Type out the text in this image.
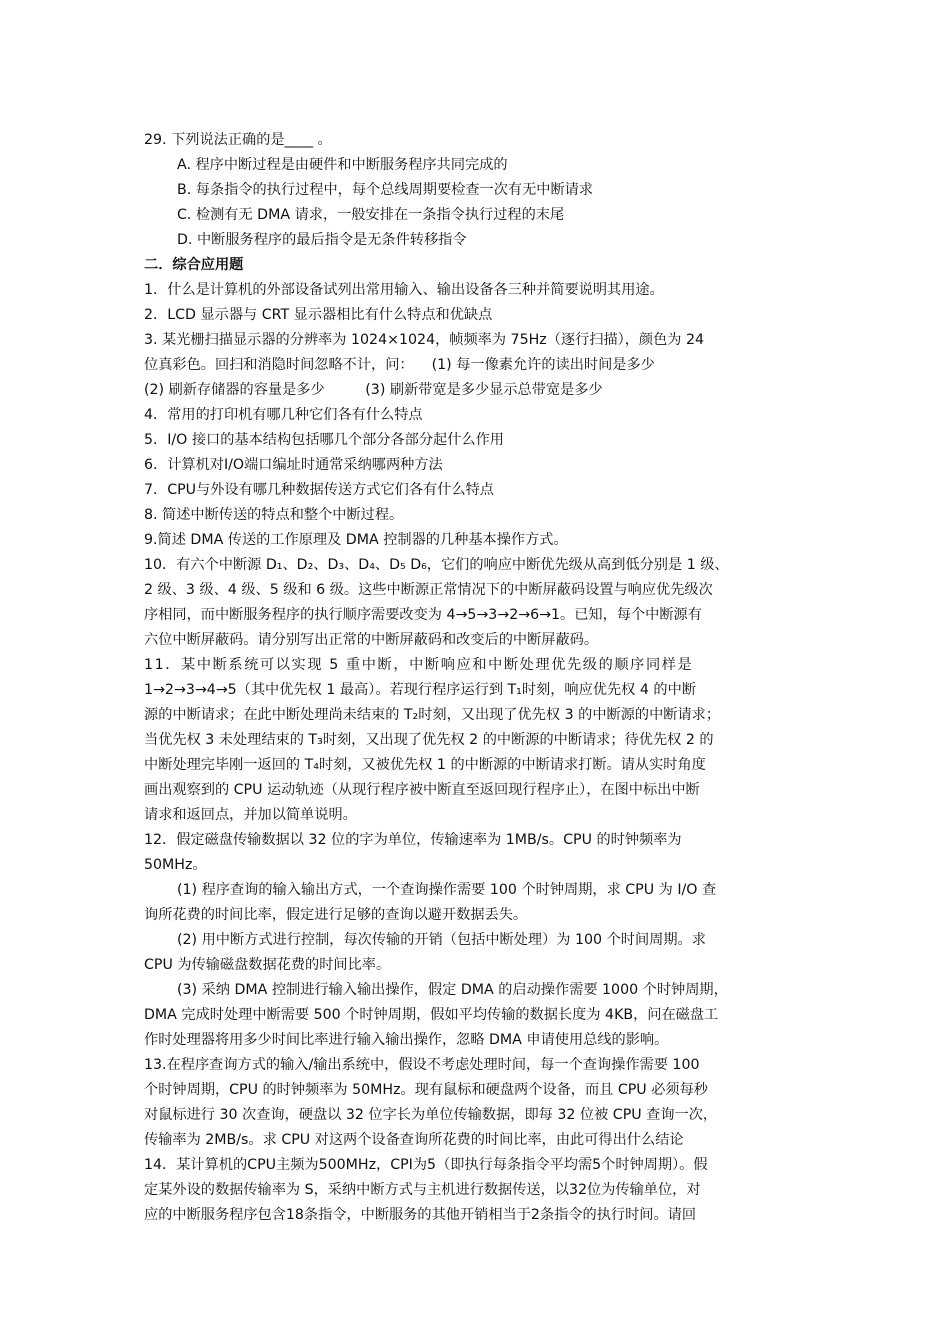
29. 下列说法正确的是____ 。
A. 程序中断过程是由硬件和中断服务程序共同完成的
B. 每条指令的执行过程中，每个总线周期要检查一次有无中断请求
C. 检测有无 DMA 请求，一般安排在一条指令执行过程的末尾
D. 中断服务程序的最后指令是无条件转移指令
二．综合应用题
1．什么是计算机的外部设备试列出常用输入、输出设备各三种并简要说明其用途。
2．LCD 显示器与 CRT 显示器相比有什么特点和优缺点
3. 某光栅扫描显示器的分辨率为 1024×1024，帧频率为 75Hz（逐行扫描），颜色为 24
位真彩色。回扫和消隐时间忽略不计，问：    (1) 每一像素允许的读出时间是多少
(2) 刷新存储器的容量是多少         (3) 刷新带宽是多少显示总带宽是多少
4．常用的打印机有哪几种它们各有什么特点
5．I/O 接口的基本结构包括哪几个部分各部分起什么作用
6．计算机对I/O端口编址时通常采纳哪两种方法
7．CPU与外设有哪几种数据传送方式它们各有什么特点
8. 简述中断传送的特点和整个中断过程。
9.简述 DMA 传送的工作原理及 DMA 控制器的几种基本操作方式。
10．有六个中断源 D₁、D₂、D₃、D₄、D₅ D₆，它们的响应中断优先级从高到低分别是 1 级、
2 级、3 级、4 级、5 级和 6 级。这些中断源正常情况下的中断屏蔽码设置与响应优先级次
序相同，而中断服务程序的执行顺序需要改变为 4→5→3→2→6→1。已知，每个中断源有
六位中断屏蔽码。请分别写出正常的中断屏蔽码和改变后的中断屏蔽码。
11．某中断系统可以实现 5 重中断，中断响应和中断处理优先级的顺序同样是
1→2→3→4→5（其中优先权 1 最高）。若现行程序运行到 T₁时刻，响应优先权 4 的中断
源的中断请求；在此中断处理尚未结束的 T₂时刻，又出现了优先权 3 的中断源的中断请求；
当优先权 3 未处理结束的 T₃时刻，又出现了优先权 2 的中断源的中断请求；待优先权 2 的
中断处理完毕刚一返回的 T₄时刻，又被优先权 1 的中断源的中断请求打断。请从实时角度
画出观察到的 CPU 运动轨迹（从现行程序被中断直至返回现行程序止），在图中标出中断
请求和返回点，并加以简单说明。
12．假定磁盘传输数据以 32 位的字为单位，传输速率为 1MB/s。CPU 的时钟频率为
50MHz。
(1) 程序查询的输入输出方式，一个查询操作需要 100 个时钟周期，求 CPU 为 I/O 查
询所花费的时间比率，假定进行足够的查询以避开数据丢失。
(2) 用中断方式进行控制，每次传输的开销（包括中断处理）为 100 个时间周期。求
CPU 为传输磁盘数据花费的时间比率。
(3) 采纳 DMA 控制进行输入输出操作，假定 DMA 的启动操作需要 1000 个时钟周期，
DMA 完成时处理中断需要 500 个时钟周期，假如平均传输的数据长度为 4KB，问在磁盘工
作时处理器将用多少时间比率进行输入输出操作，忽略 DMA 申请使用总线的影响。
13.在程序查询方式的输入/输出系统中，假设不考虑处理时间，每一个查询操作需要 100
个时钟周期，CPU 的时钟频率为 50MHz。现有鼠标和硬盘两个设备，而且 CPU 必须每秒
对鼠标进行 30 次查询，硬盘以 32 位字长为单位传输数据，即每 32 位被 CPU 查询一次，
传输率为 2MB/s。求 CPU 对这两个设备查询所花费的时间比率，由此可得出什么结论
14．某计算机的CPU主频为500MHz，CPI为5（即执行每条指令平均需5个时钟周期）。假
定某外设的数据传输率为 S，采纳中断方式与主机进行数据传送，以32位为传输单位，对
应的中断服务程序包含18条指令，中断服务的其他开销相当于2条指令的执行时间。请回
